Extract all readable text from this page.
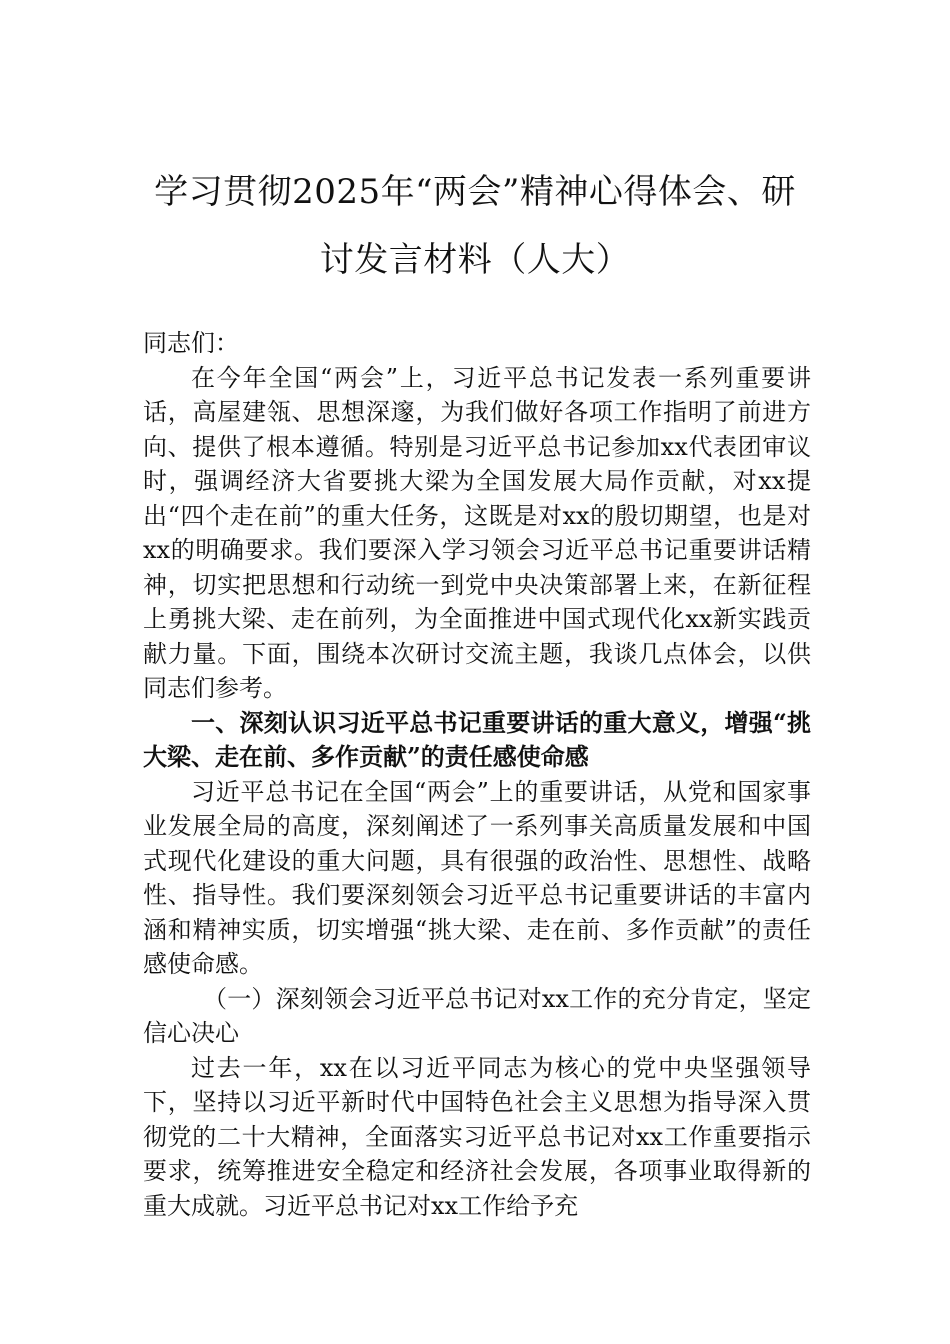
学习贯彻2025年“两会”精神心得体会、研
讨发言材料（人大）

同志们：

在今年全国“两会”上，习近平总书记发表一系列重要讲话，高屋建瓴、思想深邃，为我们做好各项工作指明了前进方向、提供了根本遵循。特别是习近平总书记参加xx代表团审议时，强调经济大省要挑大梁为全国发展大局作贡献，对xx提出“四个走在前”的重大任务，这既是对xx的殷切期望，也是对xx的明确要求。我们要深入学习领会习近平总书记重要讲话精神，切实把思想和行动统一到党中央决策部署上来，在新征程上勇挑大梁、走在前列，为全面推进中国式现代化xx新实践贡献力量。下面，围绕本次研讨交流主题，我谈几点体会，以供同志们参考。

一、深刻认识习近平总书记重要讲话的重大意义，增强“挑大梁、走在前、多作贡献”的责任感使命感

习近平总书记在全国“两会”上的重要讲话，从党和国家事业发展全局的高度，深刻阐述了一系列事关高质量发展和中国式现代化建设的重大问题，具有很强的政治性、思想性、战略性、指导性。我们要深刻领会习近平总书记重要讲话的丰富内涵和精神实质，切实增强“挑大梁、走在前、多作贡献”的责任感使命感。

（一）深刻领会习近平总书记对xx工作的充分肯定，坚定信心决心

过去一年，xx在以习近平同志为核心的党中央坚强领导下，坚持以习近平新时代中国特色社会主义思想为指导深入贯彻党的二十大精神，全面落实习近平总书记对xx工作重要指示要求，统筹推进安全稳定和经济社会发展，各项事业取得新的重大成就。习近平总书记对xx工作给予充
